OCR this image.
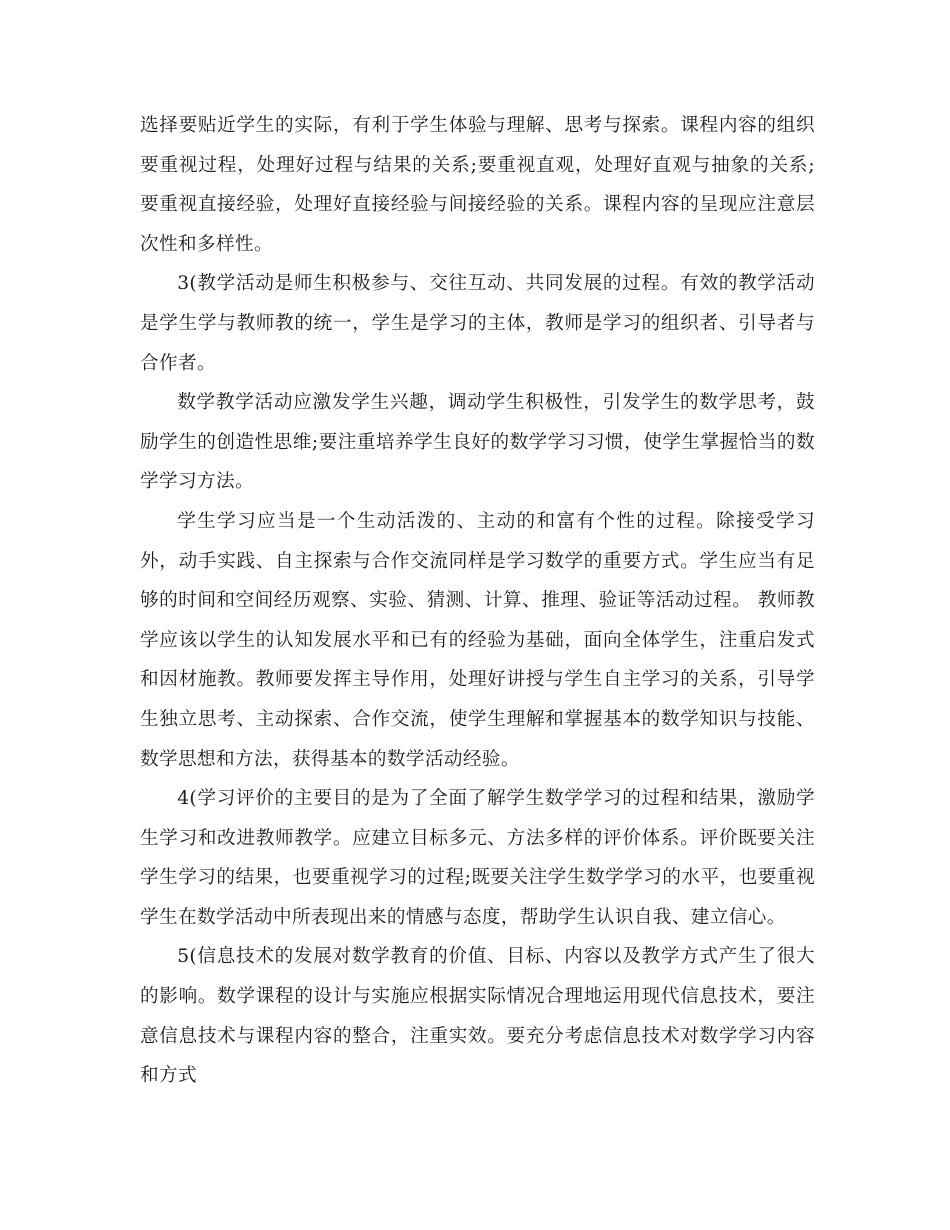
选择要贴近学生的实际，有利于学生体验与理解、思考与探索。课程内容的组织要重视过程，处理好过程与结果的关系;要重视直观，处理好直观与抽象的关系;要重视直接经验，处理好直接经验与间接经验的关系。课程内容的呈现应注意层次性和多样性。

3(教学活动是师生积极参与、交往互动、共同发展的过程。有效的教学活动是学生学与教师教的统一，学生是学习的主体，教师是学习的组织者、引导者与合作者。

数学教学活动应激发学生兴趣，调动学生积极性，引发学生的数学思考，鼓励学生的创造性思维;要注重培养学生良好的数学学习习惯，使学生掌握恰当的数学学习方法。

学生学习应当是一个生动活泼的、主动的和富有个性的过程。除接受学习外，动手实践、自主探索与合作交流同样是学习数学的重要方式。学生应当有足够的时间和空间经历观察、实验、猜测、计算、推理、验证等活动过程。 教师教学应该以学生的认知发展水平和已有的经验为基础，面向全体学生，注重启发式和因材施教。教师要发挥主导作用，处理好讲授与学生自主学习的关系，引导学生独立思考、主动探索、合作交流，使学生理解和掌握基本的数学知识与技能、数学思想和方法，获得基本的数学活动经验。

4(学习评价的主要目的是为了全面了解学生数学学习的过程和结果，激励学生学习和改进教师教学。应建立目标多元、方法多样的评价体系。评价既要关注学生学习的结果，也要重视学习的过程;既要关注学生数学学习的水平，也要重视学生在数学活动中所表现出来的情感与态度，帮助学生认识自我、建立信心。

5(信息技术的发展对数学教育的价值、目标、内容以及教学方式产生了很大的影响。数学课程的设计与实施应根据实际情况合理地运用现代信息技术，要注意信息技术与课程内容的整合，注重实效。要充分考虑信息技术对数学学习内容和方式
